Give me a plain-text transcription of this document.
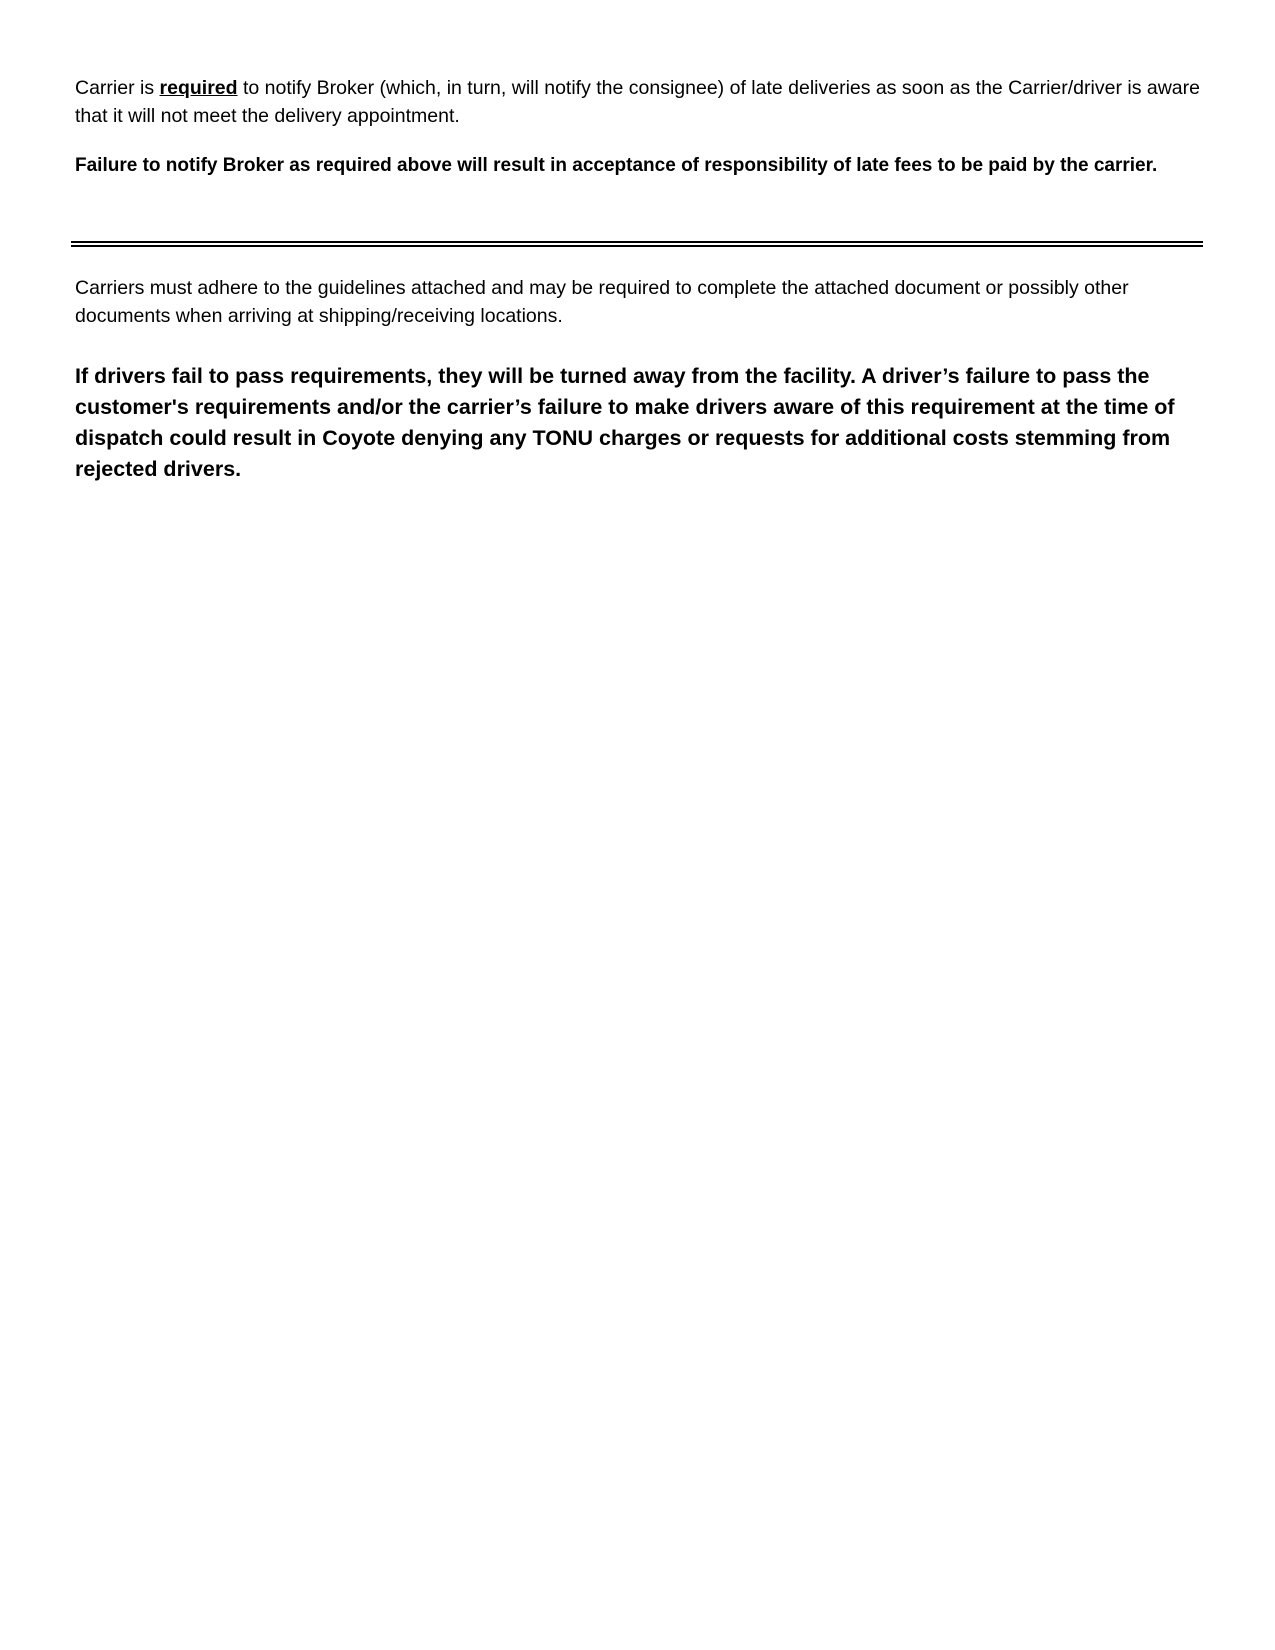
Carrier is required to notify Broker (which, in turn, will notify the consignee) of late deliveries as soon as the Carrier/driver is aware that it will not meet the delivery appointment.
Failure to notify Broker as required above will result in acceptance of responsibility of late fees to be paid by the carrier.
Carriers must adhere to the guidelines attached and may be required to complete the attached document or possibly other documents when arriving at shipping/receiving locations.
If drivers fail to pass requirements, they will be turned away from the facility. A driver’s failure to pass the customer's requirements and/or the carrier’s failure to make drivers aware of this requirement at the time of dispatch could result in Coyote denying any TONU charges or requests for additional costs stemming from rejected drivers.
